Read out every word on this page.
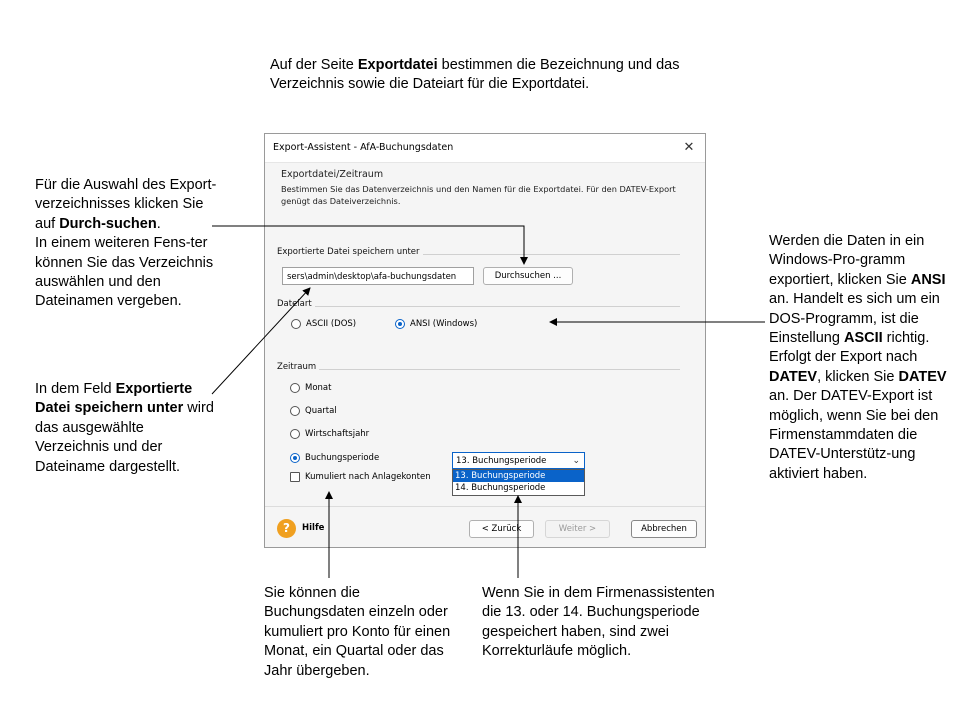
Auf der Seite Exportdatei bestimmen die Bezeichnung und das Verzeichnis sowie die Dateiart für die Exportdatei.
Für die Auswahl des Export-verzeichnisses klicken Sie auf Durch-suchen.
In einem weiteren Fens-ter können Sie das Verzeichnis auswählen und den Dateinamen vergeben.
In dem Feld Exportierte Datei speichern unter wird das ausgewählte Verzeichnis und der Dateiname dargestellt.
Werden die Daten in ein Windows-Pro-gramm exportiert, klicken Sie ANSI an. Handelt es sich um ein DOS-Programm, ist die Einstellung ASCII richtig. Erfolgt der Export nach DATEV, klicken Sie DATEV an. Der DATEV-Export ist möglich, wenn Sie bei den Firmenstammdaten die DATEV-Unterstütz-ung aktiviert haben.
Sie können die Buchungsdaten einzeln oder kumuliert pro Konto für einen Monat, ein Quartal oder das Jahr übergeben.
Wenn Sie in dem Firmenassistenten die 13. oder 14. Buchungsperiode gespeichert haben, sind zwei Korrekturläufe möglich.
Export-Assistent - AfA-Buchungsdaten	✕
Exportdatei/Zeitraum
Bestimmen Sie das Datenverzeichnis und den Namen für die Exportdatei. Für den DATEV-Export genügt das Dateiverzeichnis.
Exportierte Datei speichern unter
sers\admin\desktop\afa-buchungsdaten	Durchsuchen ...
Dateiart
ASCII (DOS)	ANSI (Windows)
Zeitraum
Monat
Quartal
Wirtschaftsjahr
Buchungsperiode
Kumuliert nach Anlagekonten
13. Buchungsperiode	⌄
13. Buchungsperiode
14. Buchungsperiode
?	Hilfe	< Zurück	Weiter >	Abbrechen
